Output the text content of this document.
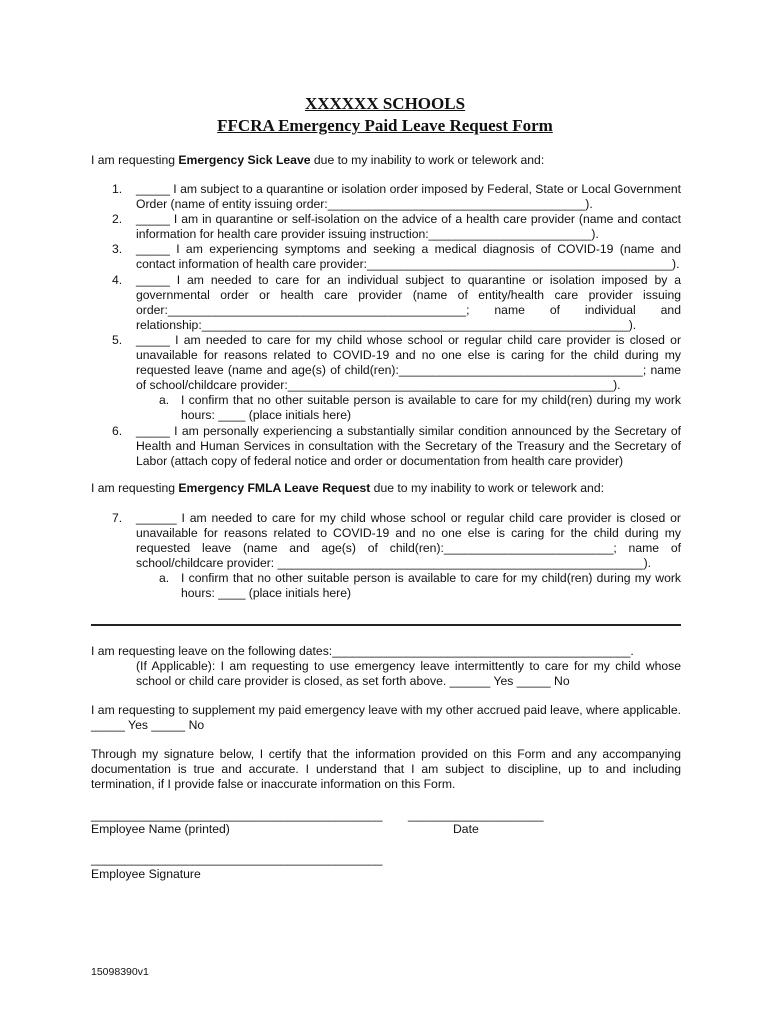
XXXXXX SCHOOLS
FFCRA Emergency Paid Leave Request Form
I am requesting Emergency Sick Leave due to my inability to work or telework and:
1. _____ I am subject to a quarantine or isolation order imposed by Federal, State or Local Government Order (name of entity issuing order:______________________________________).
2. _____ I am in quarantine or self-isolation on the advice of a health care provider (name and contact information for health care provider issuing instruction:________________________).
3. _____ I am experiencing symptoms and seeking a medical diagnosis of COVID-19 (name and contact information of health care provider:_____________________________________________).
4. _____ I am needed to care for an individual subject to quarantine or isolation imposed by a governmental order or health care provider (name of entity/health care provider issuing order:____________________________________________; name of individual and relationship:_______________________________________________________________).
5. _____ I am needed to care for my child whose school or regular child care provider is closed or unavailable for reasons related to COVID-19 and no one else is caring for the child during my requested leave (name and age(s) of child(ren):____________________________________; name of school/childcare provider:________________________________________________).
a. I confirm that no other suitable person is available to care for my child(ren) during my work hours: ____ (place initials here)
6. _____ I am personally experiencing a substantially similar condition announced by the Secretary of Health and Human Services in consultation with the Secretary of the Treasury and the Secretary of Labor (attach copy of federal notice and order or documentation from health care provider)
I am requesting Emergency FMLA Leave Request due to my inability to work or telework and:
7. ______ I am needed to care for my child whose school or regular child care provider is closed or unavailable for reasons related to COVID-19 and no one else is caring for the child during my requested leave (name and age(s) of child(ren):_________________________; name of school/childcare provider: ______________________________________________________).
a. I confirm that no other suitable person is available to care for my child(ren) during my work hours: ____ (place initials here)
I am requesting leave on the following dates:____________________________________________.
(If Applicable): I am requesting to use emergency leave intermittently to care for my child whose school or child care provider is closed, as set forth above. ______ Yes _____ No
I am requesting to supplement my paid emergency leave with my other accrued paid leave, where applicable. _____ Yes _____ No
Through my signature below, I certify that the information provided on this Form and any accompanying documentation is true and accurate. I understand that I am subject to discipline, up to and including termination, if I provide false or inaccurate information on this Form.
___________________________________________ ____________________
Employee Name (printed)	Date
___________________________________________
Employee Signature
15098390v1
